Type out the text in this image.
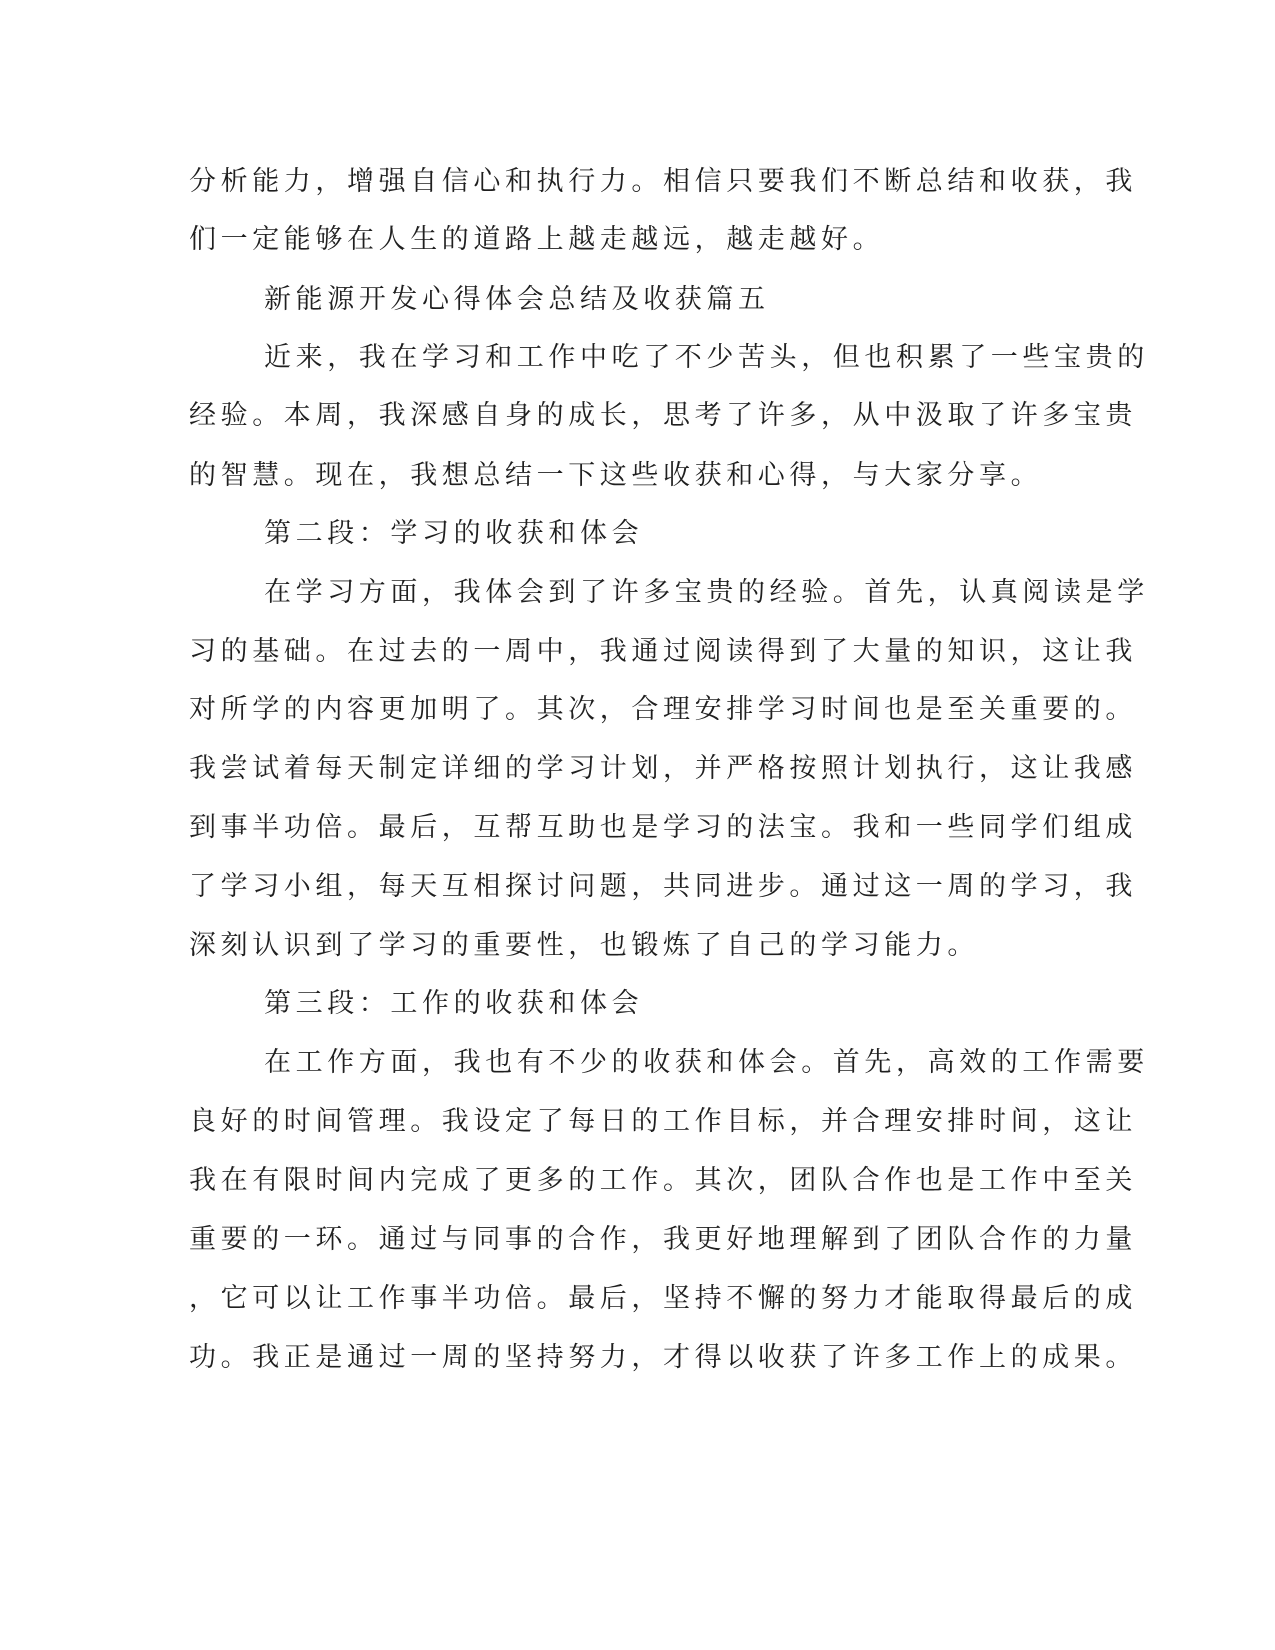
分析能力，增强自信心和执行力。相信只要我们不断总结和收获，我
们一定能够在人生的道路上越走越远，越走越好。
新能源开发心得体会总结及收获篇五
近来，我在学习和工作中吃了不少苦头，但也积累了一些宝贵的
经验。本周，我深感自身的成长，思考了许多，从中汲取了许多宝贵
的智慧。现在，我想总结一下这些收获和心得，与大家分享。
第二段：学习的收获和体会
在学习方面，我体会到了许多宝贵的经验。首先，认真阅读是学
习的基础。在过去的一周中，我通过阅读得到了大量的知识，这让我
对所学的内容更加明了。其次，合理安排学习时间也是至关重要的。
我尝试着每天制定详细的学习计划，并严格按照计划执行，这让我感
到事半功倍。最后，互帮互助也是学习的法宝。我和一些同学们组成
了学习小组，每天互相探讨问题，共同进步。通过这一周的学习，我
深刻认识到了学习的重要性，也锻炼了自己的学习能力。
第三段：工作的收获和体会
在工作方面，我也有不少的收获和体会。首先，高效的工作需要
良好的时间管理。我设定了每日的工作目标，并合理安排时间，这让
我在有限时间内完成了更多的工作。其次，团队合作也是工作中至关
重要的一环。通过与同事的合作，我更好地理解到了团队合作的力量
，它可以让工作事半功倍。最后，坚持不懈的努力才能取得最后的成
功。我正是通过一周的坚持努力，才得以收获了许多工作上的成果。
